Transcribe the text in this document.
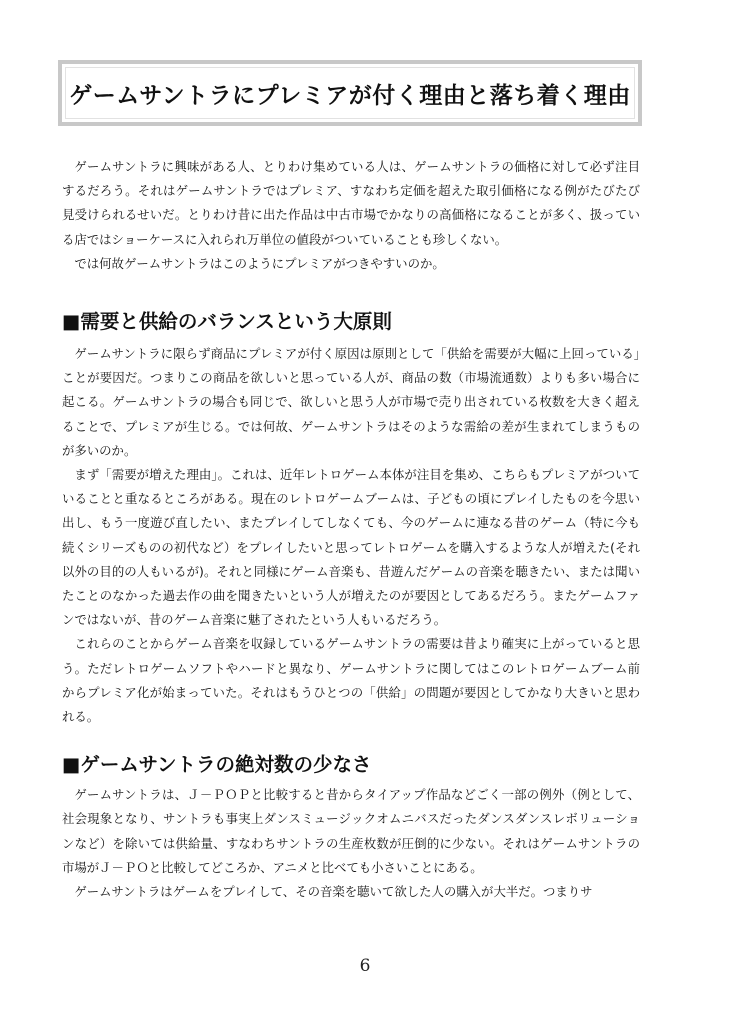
ゲームサントラにプレミアが付く理由と落ち着く理由

ゲームサントラに興味がある人、とりわけ集めている人は、ゲームサントラの価格に対して必ず注目するだろう。それはゲームサントラではプレミア、すなわち定価を超えた取引価格になる例がたびたび見受けられるせいだ。とりわけ昔に出た作品は中古市場でかなりの高価格になることが多く、扱っている店ではショーケースに入れられ万単位の値段がついていることも珍しくない。

では何故ゲームサントラはこのようにプレミアがつきやすいのか。

■需要と供給のバランスという大原則

ゲームサントラに限らず商品にプレミアが付く原因は原則として「供給を需要が大幅に上回っている」ことが要因だ。つまりこの商品を欲しいと思っている人が、商品の数（市場流通数）よりも多い場合に起こる。ゲームサントラの場合も同じで、欲しいと思う人が市場で売り出されている枚数を大きく超えることで、プレミアが生じる。では何故、ゲームサントラはそのような需給の差が生まれてしまうものが多いのか。

まず「需要が増えた理由」。これは、近年レトロゲーム本体が注目を集め、こちらもプレミアがついていることと重なるところがある。現在のレトロゲームブームは、子どもの頃にプレイしたものを今思い出し、もう一度遊び直したい、またプレイしてしなくても、今のゲームに連なる昔のゲーム（特に今も続くシリーズものの初代など）をプレイしたいと思ってレトロゲームを購入するような人が増えた(それ以外の目的の人もいるが)。それと同様にゲーム音楽も、昔遊んだゲームの音楽を聴きたい、または聞いたことのなかった過去作の曲を聞きたいという人が増えたのが要因としてあるだろう。またゲームファンではないが、昔のゲーム音楽に魅了されたという人もいるだろう。

これらのことからゲーム音楽を収録しているゲームサントラの需要は昔より確実に上がっていると思う。ただレトロゲームソフトやハードと異なり、ゲームサントラに関してはこのレトロゲームブーム前からプレミア化が始まっていた。それはもうひとつの「供給」の問題が要因としてかなり大きいと思われる。

■ゲームサントラの絶対数の少なさ

ゲームサントラは、Ｊ－ＰＯＰと比較すると昔からタイアップ作品などごく一部の例外（例として、社会現象となり、サントラも事実上ダンスミュージックオムニバスだったダンスダンスレボリューションなど）を除いては供給量、すなわちサントラの生産枚数が圧倒的に少ない。それはゲームサントラの市場がＪ－ＰＯと比較してどころか、アニメと比べても小さいことにある。

ゲームサントラはゲームをプレイして、その音楽を聴いて欲した人の購入が大半だ。つまりサ

6
